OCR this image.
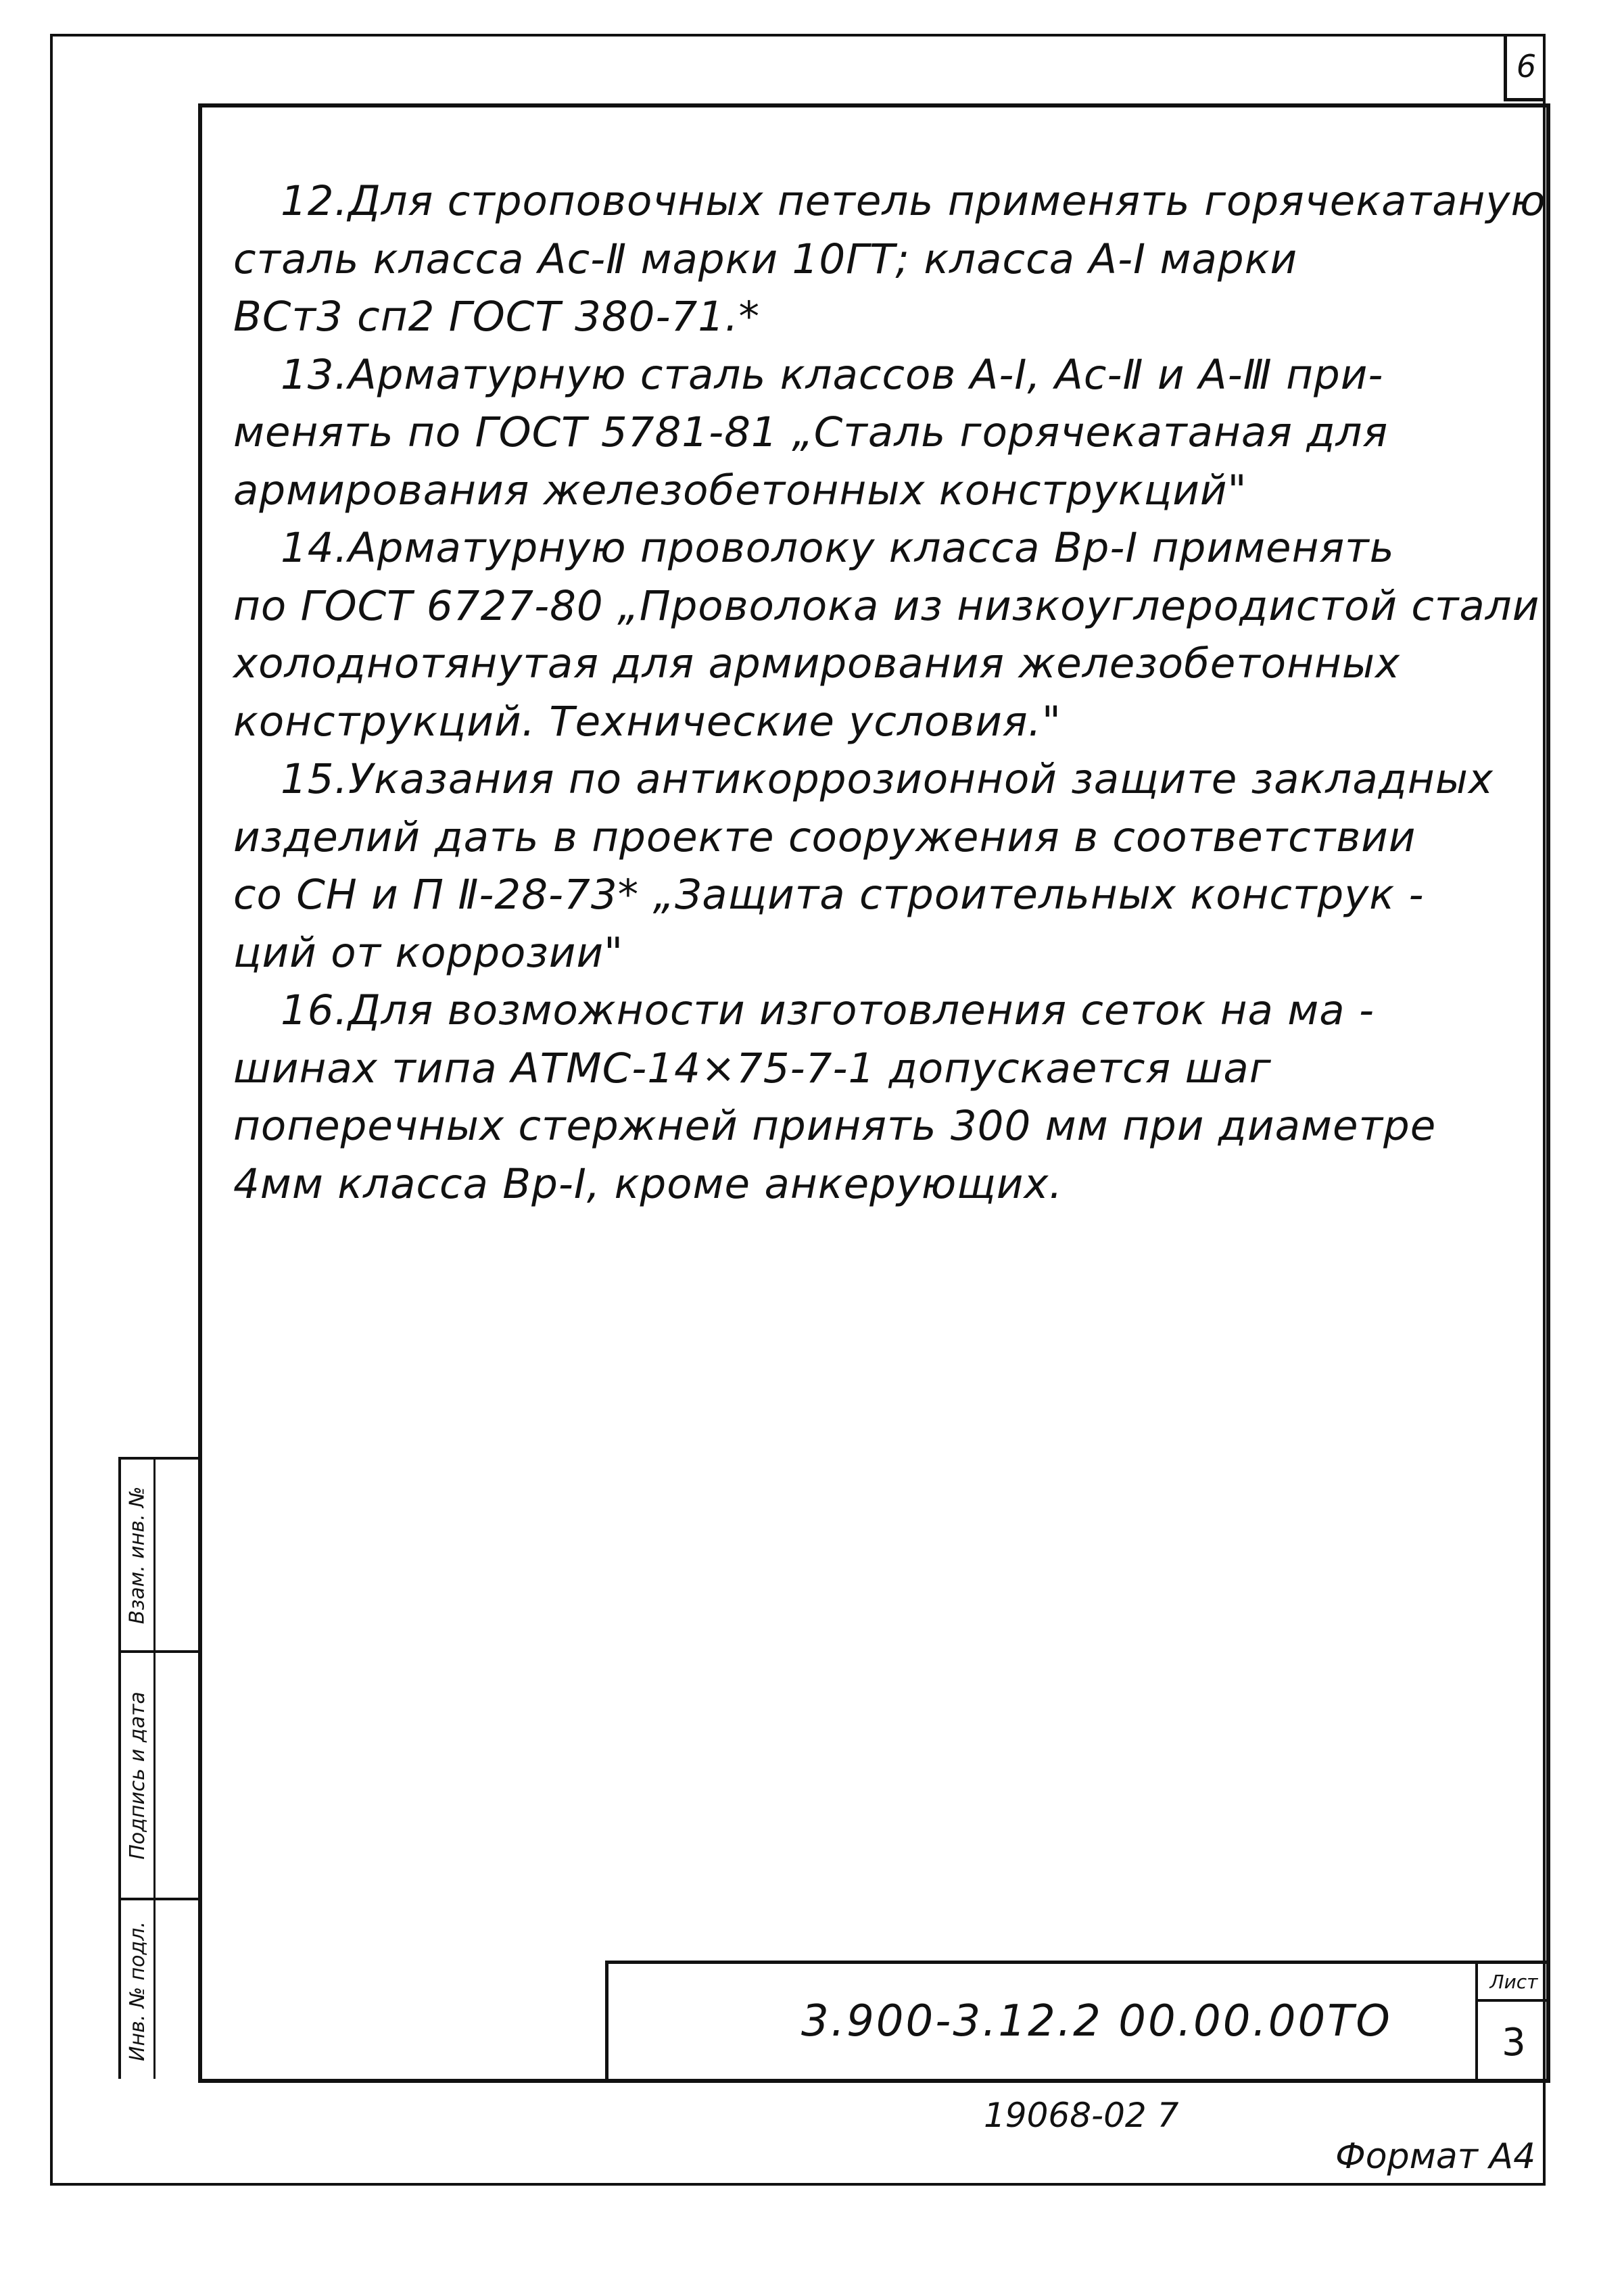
6
12.Для строповочных петель применять горячекатаную
сталь класса Ас-Ⅱ марки 10ГТ; класса А-Ⅰ марки
ВСт3 сп2 ГОСТ 380-71.*
13.Арматурную сталь классов А-Ⅰ, Ас-Ⅱ и А-Ⅲ при-
менять по ГОСТ 5781-81 „Сталь горячекатаная для
армирования железобетонных конструкций"
14.Арматурную проволоку класса Вр-Ⅰ применять
по ГОСТ 6727-80 „Проволока из низкоуглеродистой стали
холоднотянутая для армирования железобетонных
конструкций. Технические условия."
15.Указания по антикоррозионной защите закладных
изделий дать в проекте сооружения в соответствии
со СН и П Ⅱ-28-73* „Защита строительных конструк -
ций от коррозии"
16.Для возможности изготовления сеток на ма -
шинах типа АТМС-14×75-7-1 допускается шаг
поперечных стержней принять 300 мм при диаметре
4мм класса Вр-Ⅰ, кроме анкерующих.
Взам. инв. №
Подпись и дата
Инв. № подл.	3.900-3.12.2 00.00.00ТО
Лист
3
19068-02 7
Формат А4
